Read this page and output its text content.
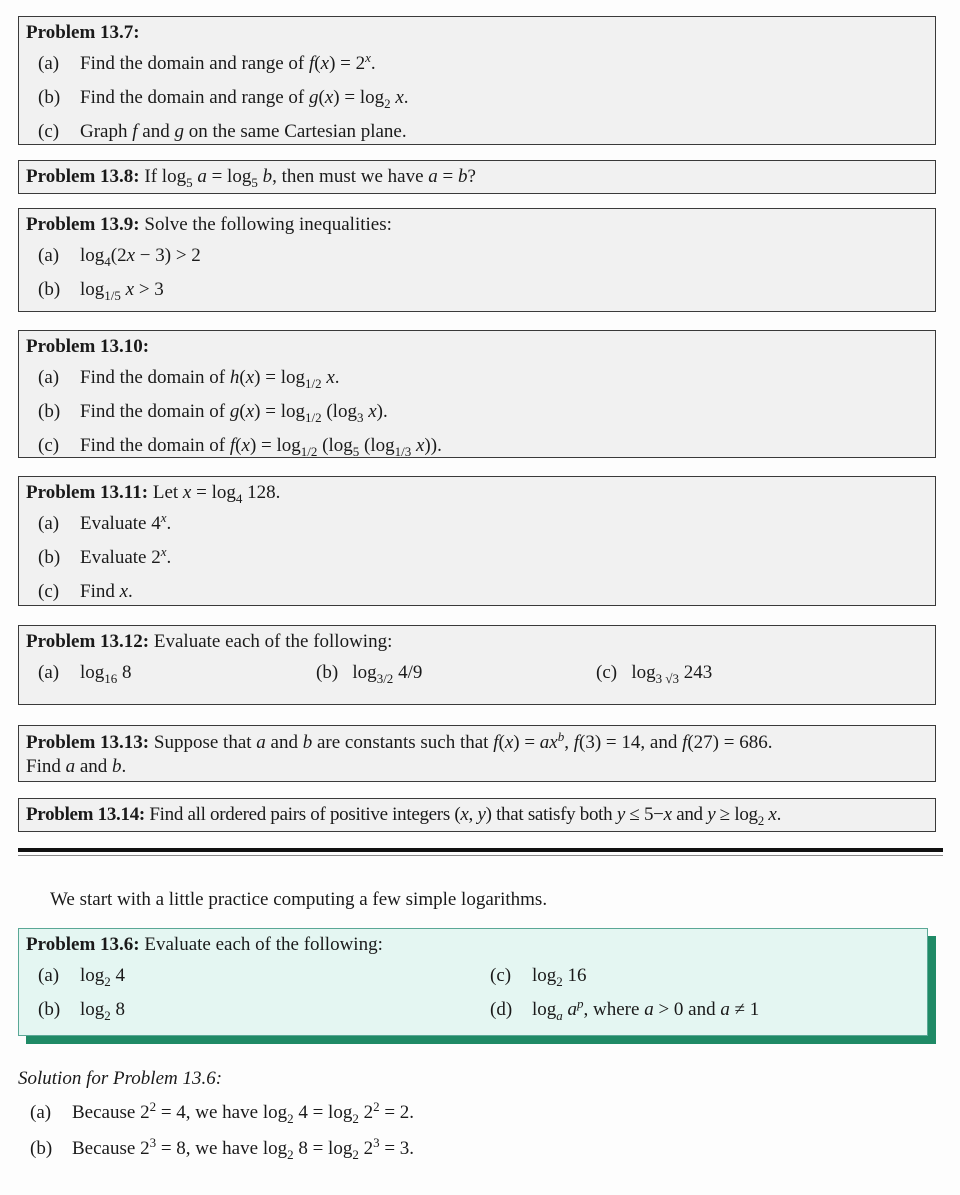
Problem 13.7:
(a) Find the domain and range of $f(x) = 2^x$.
(b) Find the domain and range of $g(x) = \log_2 x$.
(c) Graph f and g on the same Cartesian plane.
Problem 13.8: If $\log_5 a = \log_5 b$, then must we have a = b?
Problem 13.9: Solve the following inequalities:
(a) $\log_4(2x - 3) > 2$
(b) $\log_{1/5} x > 3$
Problem 13.10:
(a) Find the domain of $h(x) = \log_{1/2} x$.
(b) Find the domain of $g(x) = \log_{1/2} (\log_3$ x).
(c) Find the domain of $f(x) = \log_{1/2} (\log_5$ ($\log_{1/3}$ x)).
Problem 13.11: Let $x = \log_4 128$.
(a) Evaluate 4$^x$.
(b) Evaluate 2$^x$.
(c) Find x.
Problem 13.12: Evaluate each of the following:
(a) $\log_{16} 8$	(b)   $\log_{3/2} 4/9$	(c)   $\log_{3 √3} 243$
Problem 13.13: Suppose that a and b are constants such that $f(x) = ax^b$, f(3) = 14, and f(27) = 686.
Find a and b.
Problem 13.14: Find all ordered pairs of positive integers (x, y) that satisfy both y ≤ 5−x and $y \ge \log_2 x$.
We start with a little practice computing a few simple logarithms.
Problem 13.6: Evaluate each of the following:
(a) $\log_2 4$	(c) $\log_2 16$
(b) $\log_2 8$	(d) $\log_a a^p$, where a > 0 and a ≠ 1
Solution for Problem 13.6:
(a) Because $2^2 = 4$, we have $\log_2 4 = \log_2 2^2 = 2$.
(b) Because $2^3 = 8$, we have $\log_2 8 = \log_2 2^3 = 3$.
